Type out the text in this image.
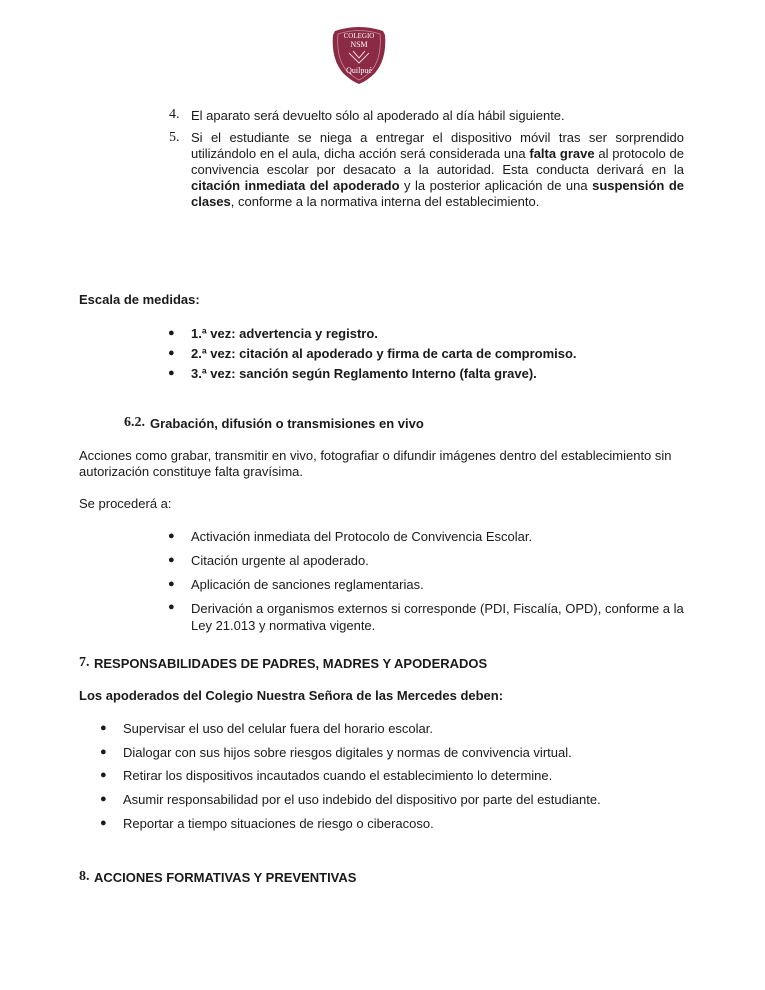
COLEGIO
NSM
Quilpué
4. El aparato será devuelto sólo al apoderado al día hábil siguiente.
5. Si el estudiante se niega a entregar el dispositivo móvil tras ser sorprendido utilizándolo en el aula, dicha acción será considerada una falta grave al protocolo de convivencia escolar por desacato a la autoridad. Esta conducta derivará en la citación inmediata del apoderado y la posterior aplicación de una suspensión de clases, conforme a la normativa interna del establecimiento.
Escala de medidas:
● 1.ª vez: advertencia y registro.
● 2.ª vez: citación al apoderado y firma de carta de compromiso.
● 3.ª vez: sanción según Reglamento Interno (falta grave).
6.2. Grabación, difusión o transmisiones en vivo
Acciones como grabar, transmitir en vivo, fotografiar o difundir imágenes dentro del establecimiento sin autorización constituye falta gravísima.
Se procederá a:
● Activación inmediata del Protocolo de Convivencia Escolar.
● Citación urgente al apoderado.
● Aplicación de sanciones reglamentarias.
● Derivación a organismos externos si corresponde (PDI, Fiscalía, OPD), conforme a la Ley 21.013 y normativa vigente.
7. RESPONSABILIDADES DE PADRES, MADRES Y APODERADOS
Los apoderados del Colegio Nuestra Señora de las Mercedes deben:
● Supervisar el uso del celular fuera del horario escolar.
● Dialogar con sus hijos sobre riesgos digitales y normas de convivencia virtual.
● Retirar los dispositivos incautados cuando el establecimiento lo determine.
● Asumir responsabilidad por el uso indebido del dispositivo por parte del estudiante.
● Reportar a tiempo situaciones de riesgo o ciberacoso.
8. ACCIONES FORMATIVAS Y PREVENTIVAS
